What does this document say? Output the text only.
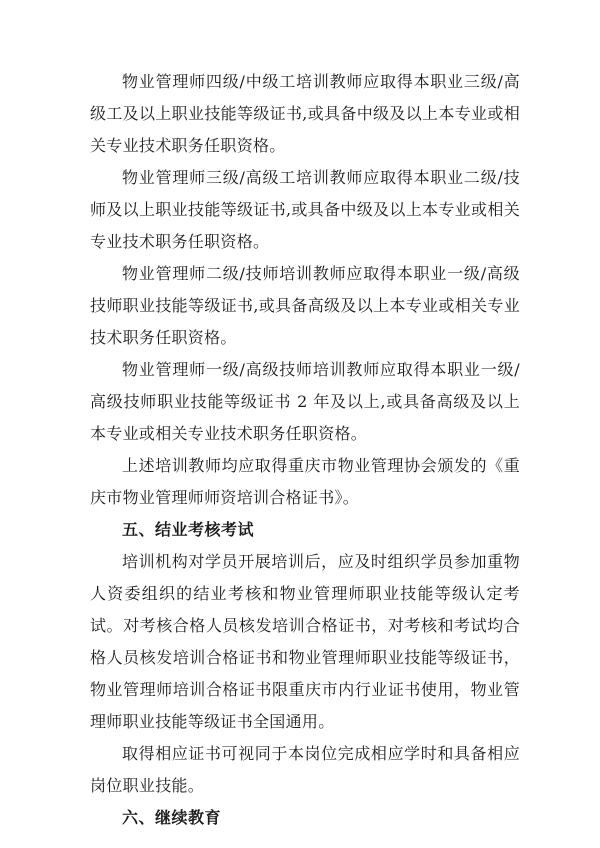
物业管理师四级/中级工培训教师应取得本职业三级/高级工及以上职业技能等级证书,或具备中级及以上本专业或相关专业技术职务任职资格。

物业管理师三级/高级工培训教师应取得本职业二级/技师及以上职业技能等级证书,或具备中级及以上本专业或相关专业技术职务任职资格。

物业管理师二级/技师培训教师应取得本职业一级/高级技师职业技能等级证书,或具备高级及以上本专业或相关专业技术职务任职资格。

物业管理师一级/高级技师培训教师应取得本职业一级/高级技师职业技能等级证书 2 年及以上,或具备高级及以上本专业或相关专业技术职务任职资格。

上述培训教师均应取得重庆市物业管理协会颁发的《重庆市物业管理师师资培训合格证书》。

五、结业考核考试

培训机构对学员开展培训后，应及时组织学员参加重物人资委组织的结业考核和物业管理师职业技能等级认定考试。对考核合格人员核发培训合格证书，对考核和考试均合格人员核发培训合格证书和物业管理师职业技能等级证书，物业管理师培训合格证书限重庆市内行业证书使用，物业管理师职业技能等级证书全国通用。

取得相应证书可视同于本岗位完成相应学时和具备相应岗位职业技能。

六、继续教育
